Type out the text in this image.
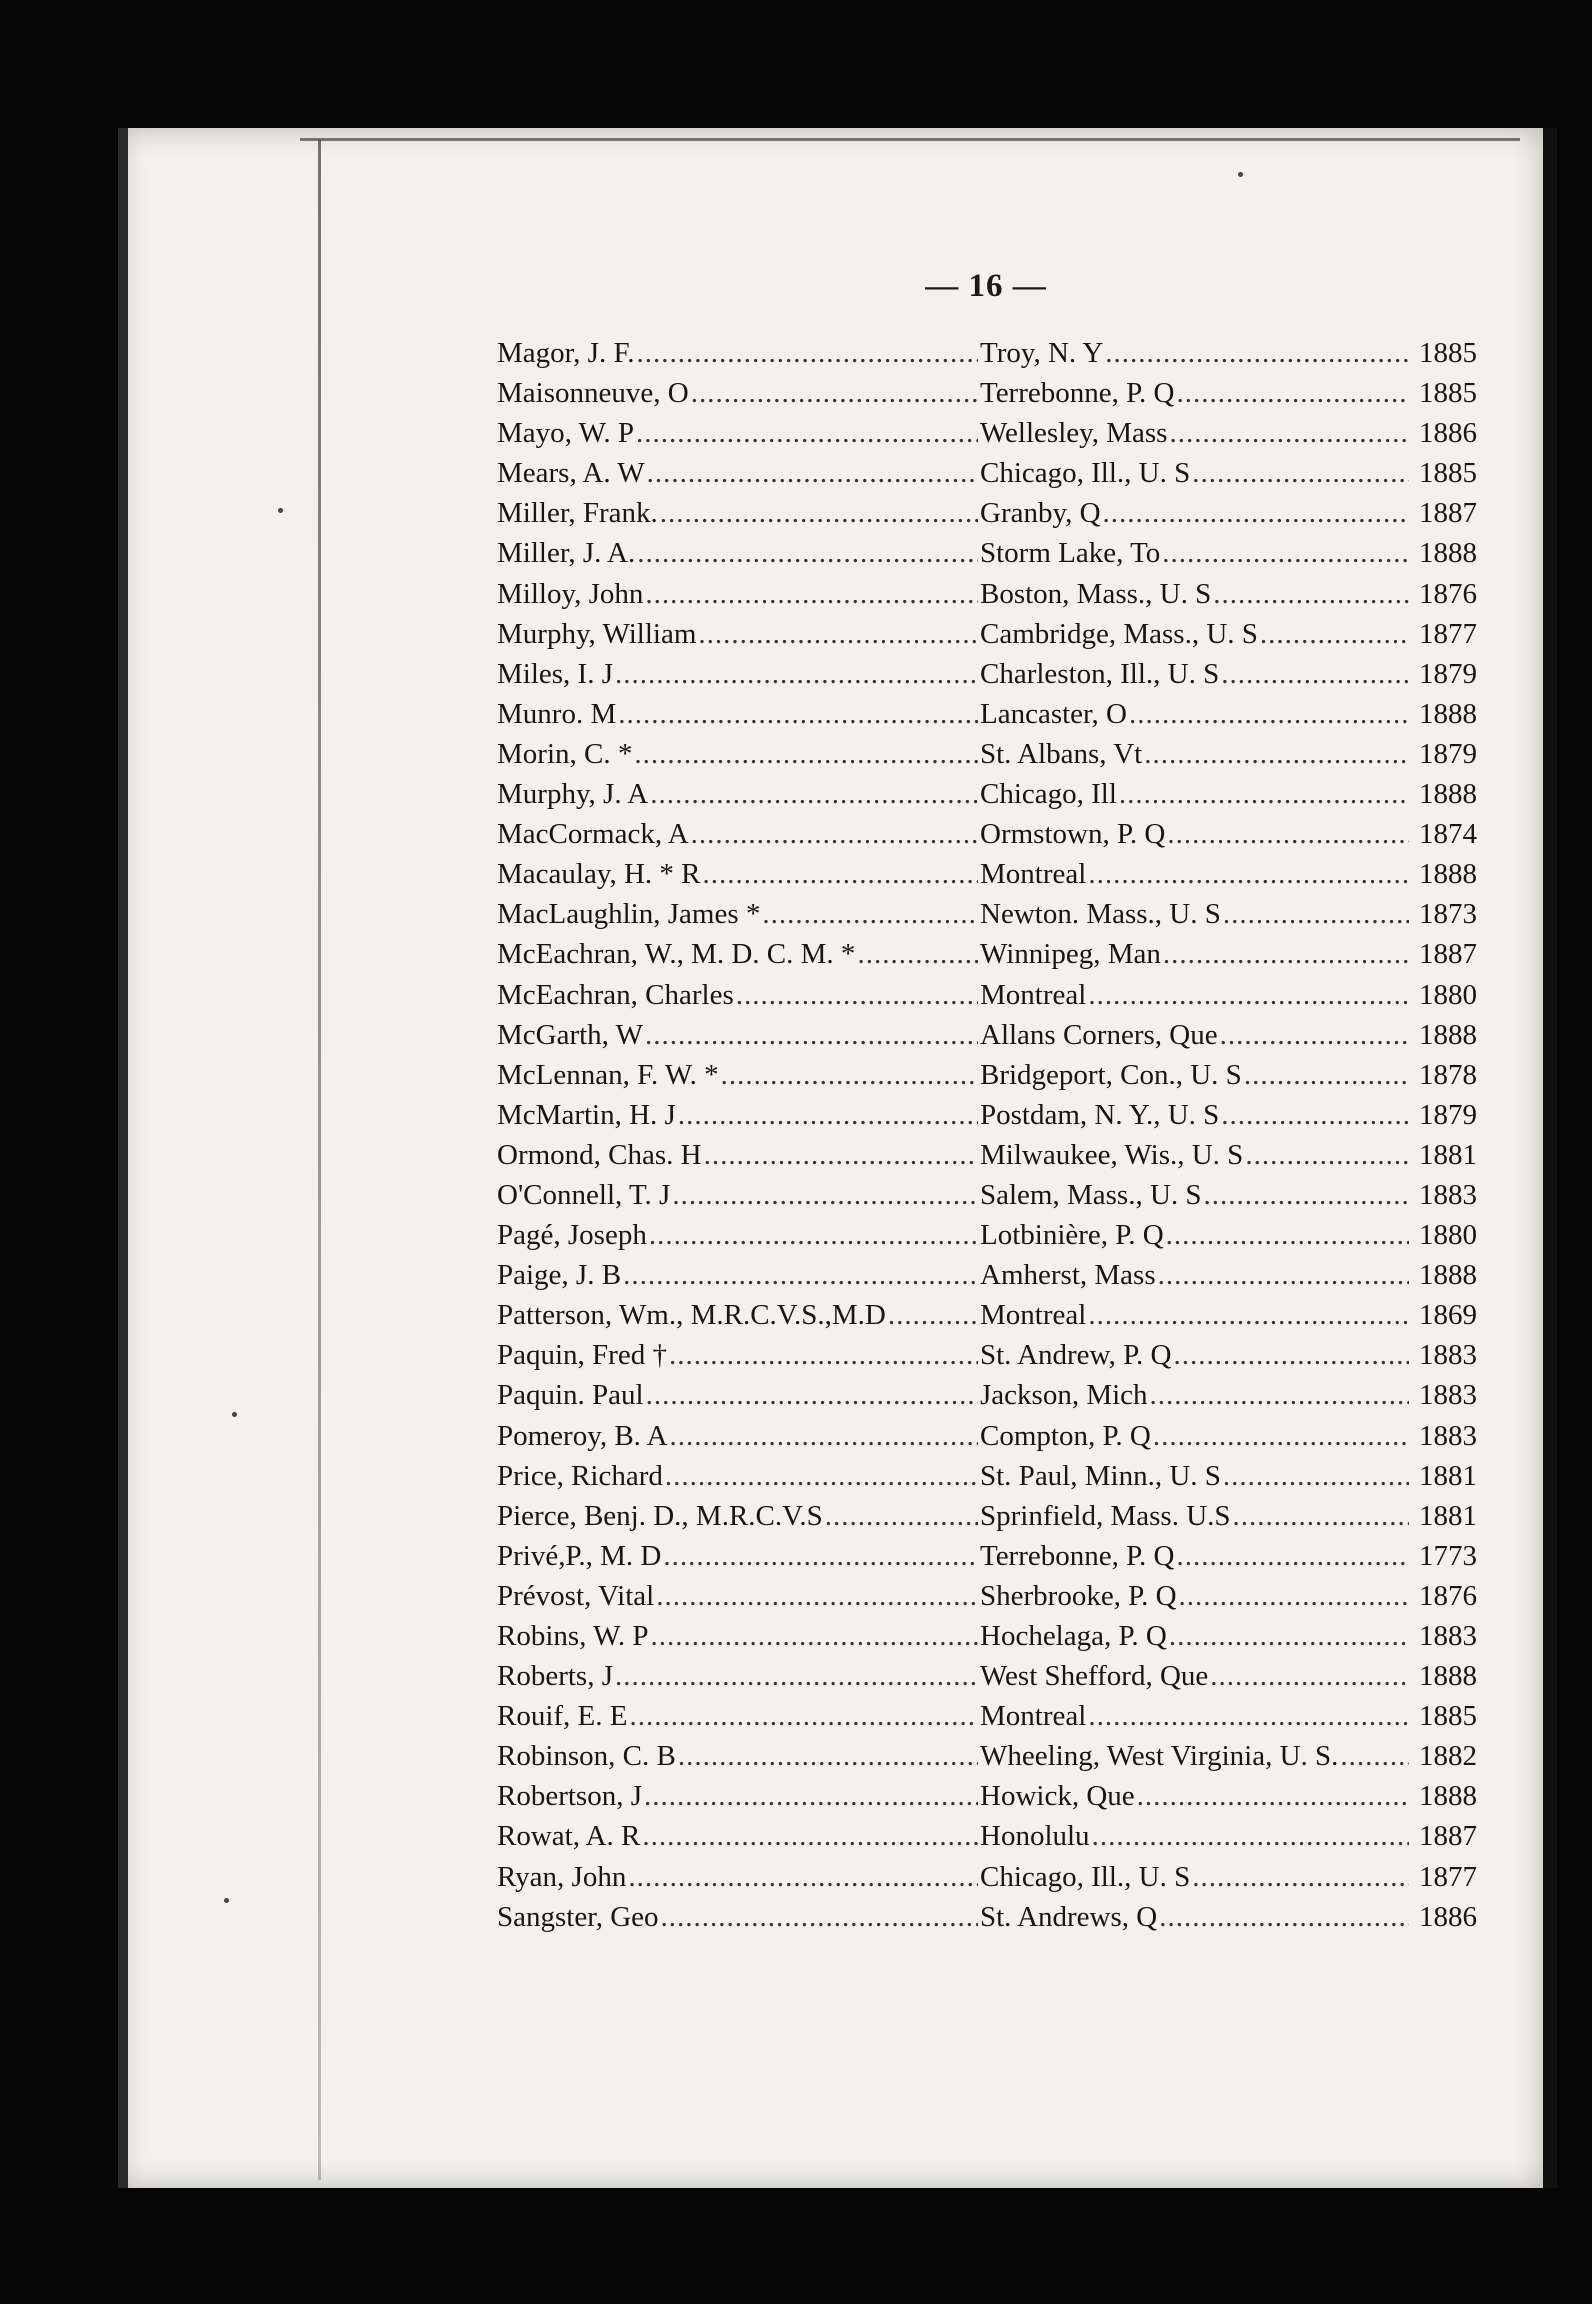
— 16 —
Magor, J. F. .....	Troy, N. Y .....	1885
Maisonneuve, O .....	Terrebonne, P. Q .....	1885
Mayo, W. P .....	Wellesley, Mass .....	1886
Mears, A. W .....	Chicago, Ill., U. S .....	1885
Miller, Frank. .....	Granby, Q .....	1887
Miller, J. A. .....	Storm Lake, To .....	1888
Milloy, John .....	Boston, Mass., U. S .....	1876
Murphy, William .....	Cambridge, Mass., U. S .....	1877
Miles, I. J .....	Charleston, Ill., U. S .....	1879
Munro. M .....	Lancaster, O .....	1888
Morin, C. * .....	St. Albans, Vt .....	1879
Murphy, J. A .....	Chicago, Ill .....	1888
MacCormack, A .....	Ormstown, P. Q .....	1874
Macaulay, H. * R .....	Montreal .....	1888
MacLaughlin, James * .....	Newton. Mass., U. S .....	1873
McEachran, W., M. D. C. M. * .....	Winnipeg, Man .....	1887
McEachran, Charles .....	Montreal .....	1880
McGarth, W .....	Allans Corners, Que .....	1888
McLennan, F. W. * .....	Bridgeport, Con., U. S .....	1878
McMartin, H. J .....	Postdam, N. Y., U. S .....	1879
Ormond, Chas. H .....	Milwaukee, Wis., U. S .....	1881
O'Connell, T. J .....	Salem, Mass., U. S .....	1883
Pagé, Joseph .....	Lotbinière, P. Q .....	1880
Paige, J. B .....	Amherst, Mass .....	1888
Patterson, Wm., M.R.C.V.S.,M.D .....	Montreal .....	1869
Paquin, Fred † .....	St. Andrew, P. Q .....	1883
Paquin. Paul .....	Jackson, Mich .....	1883
Pomeroy, B. A .....	Compton, P. Q .....	1883
Price, Richard .....	St. Paul, Minn., U. S .....	1881
Pierce, Benj. D., M.R.C.V.S .....	Sprinfield, Mass. U.S .....	1881
Privé,P., M. D .....	Terrebonne, P. Q .....	1773
Prévost, Vital .....	Sherbrooke, P. Q .....	1876
Robins, W. P .....	Hochelaga, P. Q .....	1883
Roberts, J .....	West Shefford, Que .....	1888
Rouif, E. E .....	Montreal .....	1885
Robinson, C. B .....	Wheeling, West Virginia, U. S. .....	1882
Robertson, J .....	Howick, Que .....	1888
Rowat, A. R .....	Honolulu .....	1887
Ryan, John .....	Chicago, Ill., U. S .....	1877
Sangster, Geo .....	St. Andrews, Q .....	1886
